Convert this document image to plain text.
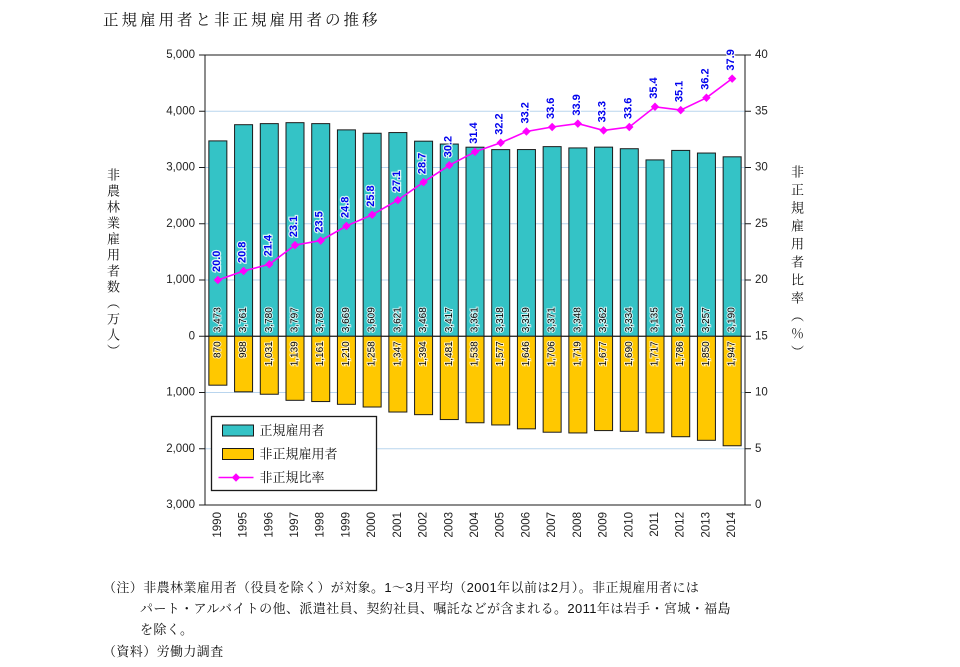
正規雇用者と非正規雇用者の推移
非農林業雇用者数（万人）	非正規雇用者比率（％）
5,000
4,000
3,000
2,000
1,000
0
1,000
2,000
3,000
40
35
30
25
20
15
10
5
0
3,473
870
3,761
988
3,780
1,031
3,797
1,139
3,780
1,161
3,669
1,210
3,609
1,258
3,621
1,347
3,468
1,394
3,417
1,481
3,361
1,538
3,318
1,577
3,319
1,646
3,371
1,706
3,348
1,719
3,362
1,677
3,334
1,690
3,135
1,717
3,304
1,786
3,257
1,850
3,190
1,947
20.0 20.8 21.4
23.1 23.5
24.8
25.8
27.1
28.7
30.2
31.4 32.2
33.2 33.6 33.9 33.3 33.6
35.4 35.1
36.2
37.9
1990 1995 1996 1997 1998 1999 2000 2001 2002 2003 2004 2005 2006 2007 2008 2009 2010 2011 2012 2013 2014
正規雇用者
非正規雇用者
非正規比率
（注）非農林業雇用者（役員を除く）が対象。1～3月平均（2001年以前は2月）。非正規雇用者には
パート・アルバイトの他、派遣社員、契約社員、嘱託などが含まれる。2011年は岩手・宮城・福島
を除く。
（資料）労働力調査
